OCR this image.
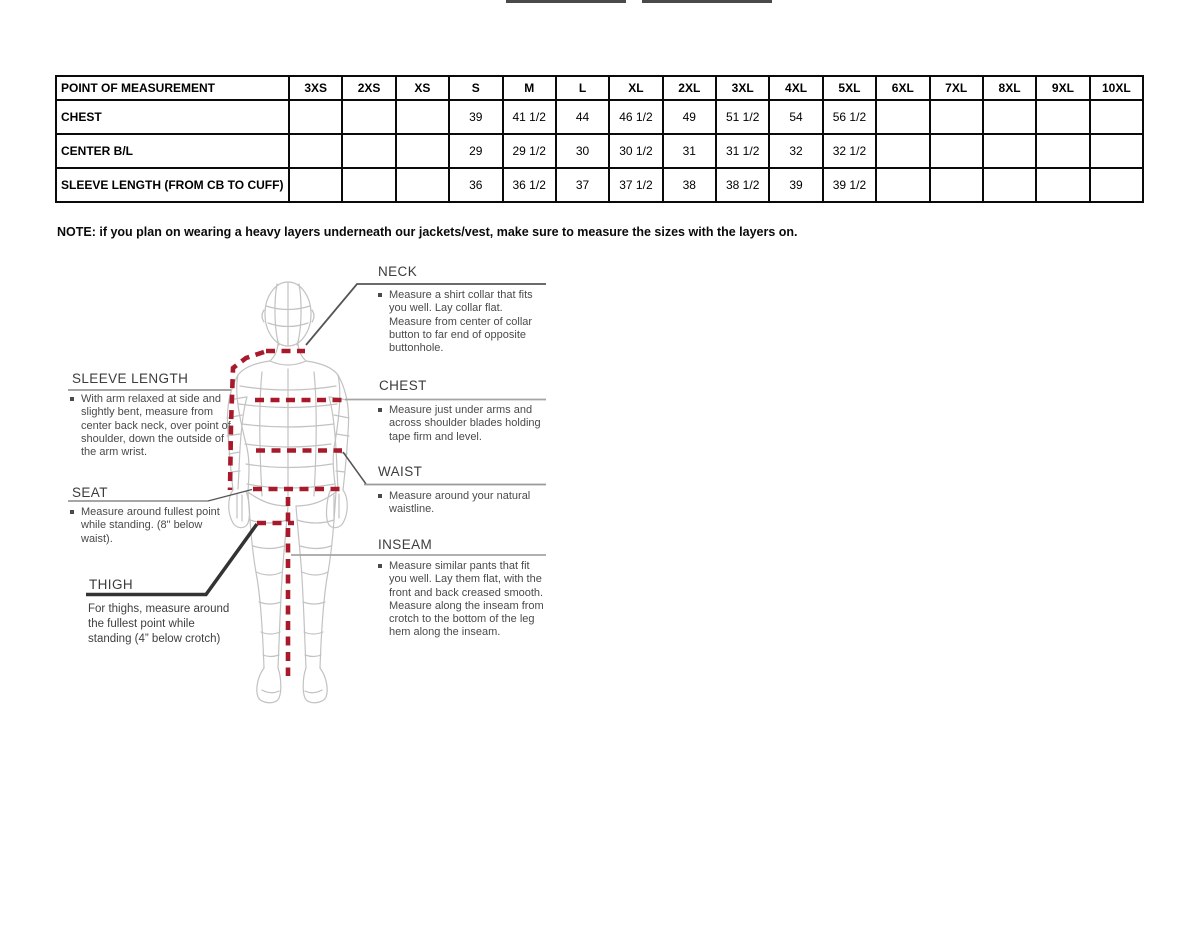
POINT OF MEASUREMENT	3XS	2XS	XS	S	M	L	XL	2XL	3XL	4XL	5XL	6XL	7XL	8XL	9XL	10XL
CHEST				39	41 1/2	44	46 1/2	49	51 1/2	54	56 1/2					
CENTER B/L				29	29 1/2	30	30 1/2	31	31 1/2	32	32 1/2					
SLEEVE LENGTH (FROM CB TO CUFF)				36	36 1/2	37	37 1/2	38	38 1/2	39	39 1/2					
NOTE: if you plan on wearing a heavy layers underneath our jackets/vest, make sure to measure the sizes with the layers on.
NECK
Measure a shirt collar that fits you well. Lay collar flat. Measure from center of collar button to far end of opposite buttonhole.
SLEEVE LENGTH
With arm relaxed at side and slightly bent, measure from center back neck, over point of shoulder, down the outside of the arm wrist.
CHEST
Measure just under arms and across shoulder blades holding tape firm and level.
WAIST
Measure around your natural waistline.
SEAT
Measure around fullest point while standing. (8" below waist).	INSEAM
Measure similar pants that fit you well. Lay them flat, with the front and back creased smooth. Measure along the inseam from crotch to the bottom of the leg hem along the inseam.
THIGH
For thighs, measure around the fullest point while standing (4” below crotch)
